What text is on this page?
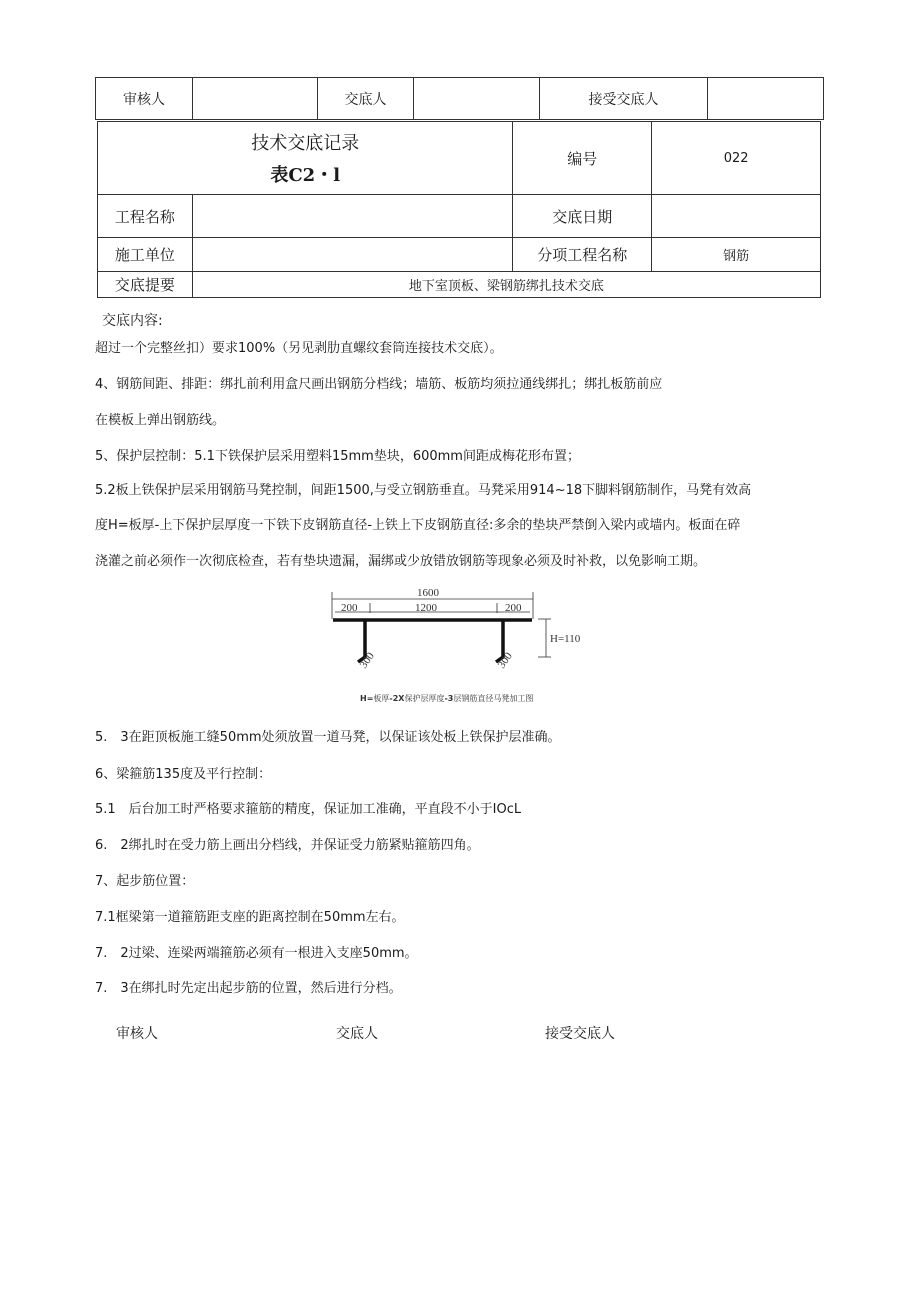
审核人	交底人	接受交底人
技术交底记录
表C2・l		编号	022
工程名称		交底日期	
施工单位		分项工程名称	钢筋
交底提要	地下室顶板、梁钢筋绑扎技术交底		
交底内容:
超过一个完整丝扣）要求100%（另见剥肋直螺纹套筒连接技术交底）。
4、钢筋间距、排距：绑扎前利用盒尺画出钢筋分档线；墙筋、板筋均须拉通线绑扎；绑扎板筋前应
在模板上弹出钢筋线。
5、保护层控制：5.1下铁保护层采用塑料15mm垫块，600mm间距成梅花形布置；
5.2板上铁保护层采用钢筋马凳控制，间距1500,与受立钢筋垂直。马凳采用914~18下脚料钢筋制作，马凳有效高
度H=板厚-上下保护层厚度一下铁下皮钢筋直径-上铁上下皮钢筋直径:多余的垫块严禁倒入梁内或墙内。板面在碎
浇灌之前必须作一次彻底检查，若有垫块遗漏，漏绑或少放错放钢筋等现象必须及时补救，以免影响工期。
1600
200	1200	200
H=110
300	300
H=板厚-2X保护层厚度-3层钢筋直径马凳加工图
5.　3在距顶板施工缝50mm处须放置一道马凳，以保证该处板上铁保护层准确。
6、梁箍筋135度及平行控制：
5.1　后台加工时严格要求箍筋的精度，保证加工准确，平直段不小于IOcL
6.　2绑扎时在受力筋上画出分档线，并保证受力筋紧贴箍筋四角。
7、起步筋位置：
7.1框梁第一道箍筋距支座的距离控制在50mm左右。
7.　2过梁、连梁两端箍筋必须有一根进入支座50mm。
7.　3在绑扎时先定出起步筋的位置，然后进行分档。
审核人	交底人	接受交底人
